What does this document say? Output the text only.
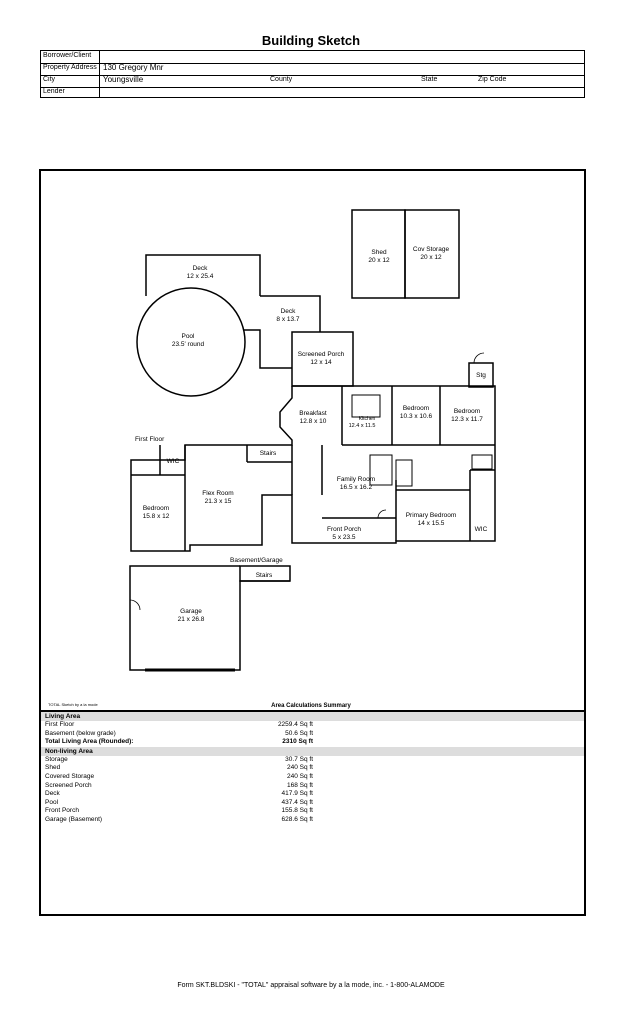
Building Sketch
Borrower/Client
Property Address 130 Gregory Mnr
City	Youngsville	County	State	Zip Code
Lender
Deck
12 x 25.4
Deck
8 x 13.7
Pool
23.5' round
Shed
20 x 12
Cov Storage
20 x 12
Screened Porch
12 x 14
Stg
Breakfast
12.8 x 10	Kitchen
12.4 x 11.5
Bedroom
10.3 x 10.6
Bedroom
12.3 x 11.7
WIC
Stairs
Family Room
16.5 x 16.2
Flex Room
21.3 x 15
Bedroom
15.8 x 12	Primary Bedroom
14 x 15.5
WIC
Front Porch
5 x 23.5
Stairs
Garage
21 x 26.8
First Floor
Basement/Garage
TOTAL Sketch by a la mode	Area Calculations Summary
Living Area
First Floor	2259.4 Sq ft
Basement (below grade)	50.6 Sq ft
Total Living Area (Rounded):	2310 Sq ft
Non-living Area
Storage	30.7 Sq ft
Shed	240 Sq ft
Covered Storage	240 Sq ft
Screened Porch	168 Sq ft
Deck	417.9 Sq ft
Pool	437.4 Sq ft
Front Porch	155.8 Sq ft
Garage (Basement)	628.6 Sq ft
Form SKT.BLDSKI - "TOTAL" appraisal software by a la mode, inc. - 1-800-ALAMODE
